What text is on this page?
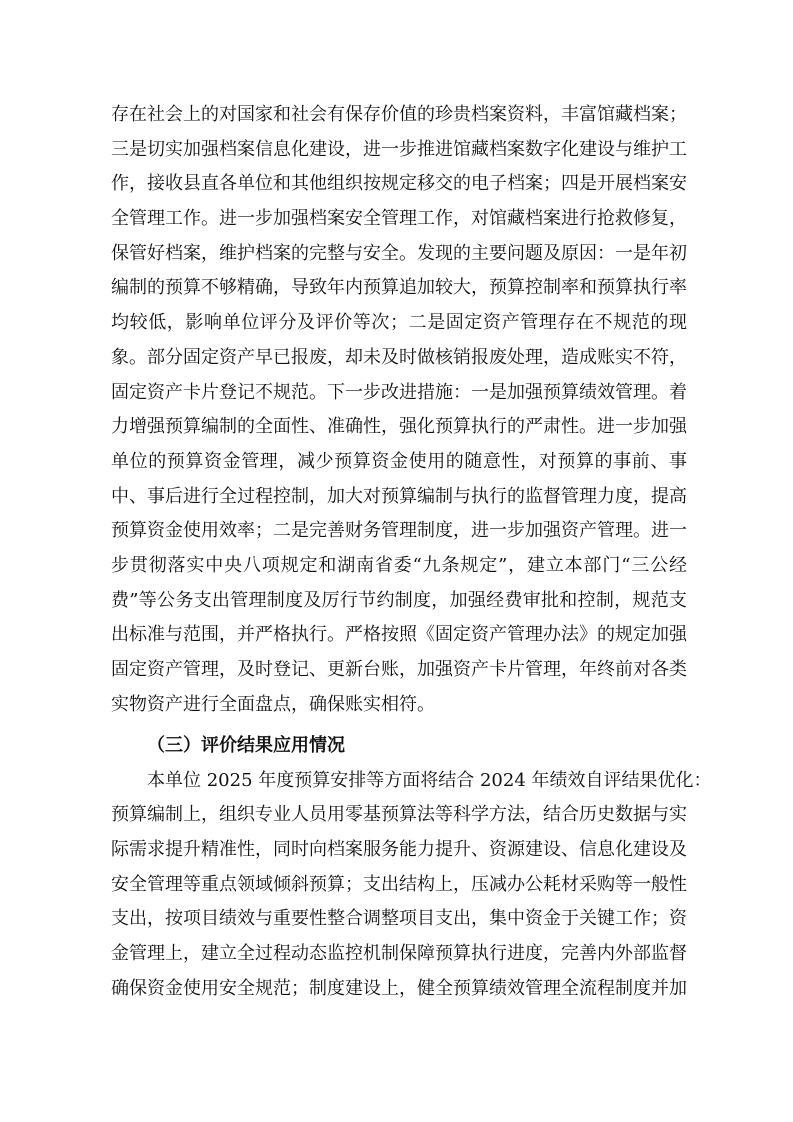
存在社会上的对国家和社会有保存价值的珍贵档案资料，丰富馆藏档案；
三是切实加强档案信息化建设，进一步推进馆藏档案数字化建设与维护工
作，接收县直各单位和其他组织按规定移交的电子档案；四是开展档案安
全管理工作。进一步加强档案安全管理工作，对馆藏档案进行抢救修复，
保管好档案，维护档案的完整与安全。发现的主要问题及原因：一是年初
编制的预算不够精确，导致年内预算追加较大，预算控制率和预算执行率
均较低，影响单位评分及评价等次；二是固定资产管理存在不规范的现
象。部分固定资产早已报废，却未及时做核销报废处理，造成账实不符，
固定资产卡片登记不规范。下一步改进措施：一是加强预算绩效管理。着
力增强预算编制的全面性、准确性，强化预算执行的严肃性。进一步加强
单位的预算资金管理，减少预算资金使用的随意性，对预算的事前、事
中、事后进行全过程控制，加大对预算编制与执行的监督管理力度，提高
预算资金使用效率；二是完善财务管理制度，进一步加强资产管理。进一
步贯彻落实中央八项规定和湖南省委“九条规定”，建立本部门“三公经
费”等公务支出管理制度及厉行节约制度，加强经费审批和控制，规范支
出标准与范围，并严格执行。严格按照《固定资产管理办法》的规定加强
固定资产管理，及时登记、更新台账，加强资产卡片管理，年终前对各类
实物资产进行全面盘点，确保账实相符。
（三）评价结果应用情况
本单位 2025 年度预算安排等方面将结合 2024 年绩效自评结果优化：
预算编制上，组织专业人员用零基预算法等科学方法，结合历史数据与实
际需求提升精准性，同时向档案服务能力提升、资源建设、信息化建设及
安全管理等重点领域倾斜预算；支出结构上，压减办公耗材采购等一般性
支出，按项目绩效与重要性整合调整项目支出，集中资金于关键工作；资
金管理上，建立全过程动态监控机制保障预算执行进度，完善内外部监督
确保资金使用安全规范；制度建设上，健全预算绩效管理全流程制度并加
